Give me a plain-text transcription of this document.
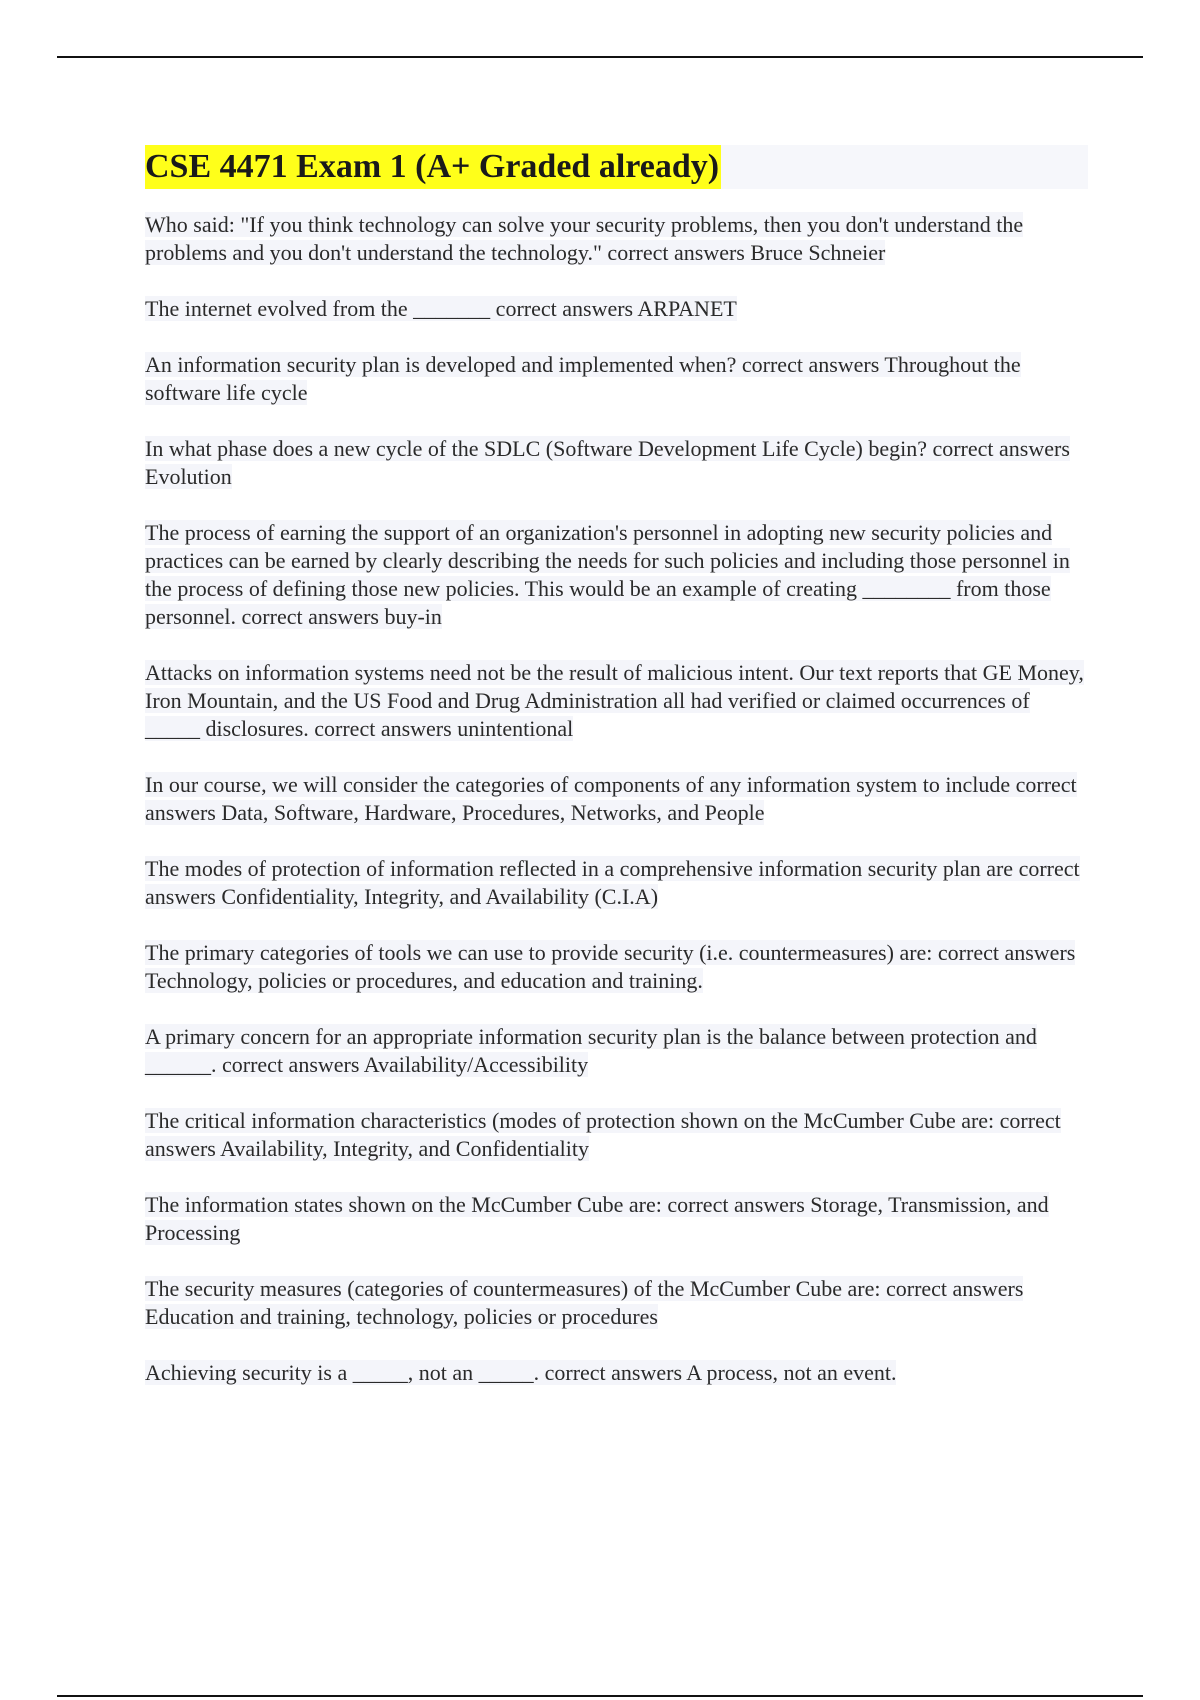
CSE 4471 Exam 1 (A+ Graded already)

Who said: "If you think technology can solve your security problems, then you don't understand the problems and you don't understand the technology." correct answers Bruce Schneier

The internet evolved from the _______ correct answers ARPANET

An information security plan is developed and implemented when? correct answers Throughout the software life cycle

In what phase does a new cycle of the SDLC (Software Development Life Cycle) begin? correct answers Evolution

The process of earning the support of an organization's personnel in adopting new security policies and practices can be earned by clearly describing the needs for such policies and including those personnel in the process of defining those new policies. This would be an example of creating ________ from those personnel. correct answers buy-in

Attacks on information systems need not be the result of malicious intent. Our text reports that GE Money, Iron Mountain, and the US Food and Drug Administration all had verified or claimed occurrences of _____ disclosures. correct answers unintentional

In our course, we will consider the categories of components of any information system to include correct answers Data, Software, Hardware, Procedures, Networks, and People

The modes of protection of information reflected in a comprehensive information security plan are correct answers Confidentiality, Integrity, and Availability (C.I.A)

The primary categories of tools we can use to provide security (i.e. countermeasures) are: correct answers Technology, policies or procedures, and education and training.

A primary concern for an appropriate information security plan is the balance between protection and ______. correct answers Availability/Accessibility

The critical information characteristics (modes of protection shown on the McCumber Cube are: correct answers Availability, Integrity, and Confidentiality

The information states shown on the McCumber Cube are: correct answers Storage, Transmission, and Processing

The security measures (categories of countermeasures) of the McCumber Cube are: correct answers Education and training, technology, policies or procedures

Achieving security is a _____, not an _____. correct answers A process, not an event.
